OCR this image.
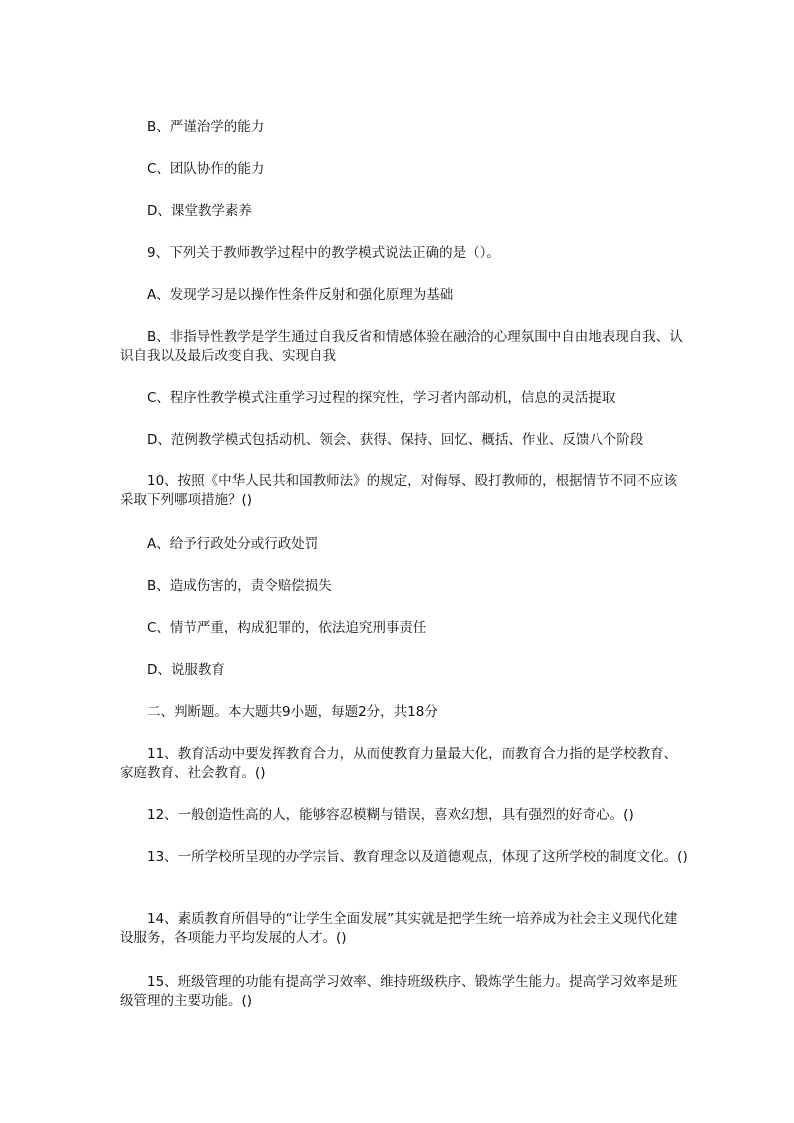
B、严谨治学的能力

C、团队协作的能力

D、课堂教学素养

9、下列关于教师教学过程中的教学模式说法正确的是（）。

A、发现学习是以操作性条件反射和强化原理为基础

B、非指导性教学是学生通过自我反省和情感体验在融洽的心理氛围中自由地表现自我、认识自我以及最后改变自我、实现自我

C、程序性教学模式注重学习过程的探究性，学习者内部动机，信息的灵活提取

D、范例教学模式包括动机、领会、获得、保持、回忆、概括、作业、反馈八个阶段

10、按照《中华人民共和国教师法》的规定，对侮辱、殴打教师的，根据情节不同不应该采取下列哪项措施？()

A、给予行政处分或行政处罚

B、造成伤害的，责令赔偿损失

C、情节严重，构成犯罪的，依法追究刑事责任

D、说服教育

二、判断题。本大题共9小题，每题2分，共18分

11、教育活动中要发挥教育合力，从而使教育力量最大化，而教育合力指的是学校教育、家庭教育、社会教育。()

12、一般创造性高的人，能够容忍模糊与错误，喜欢幻想，具有强烈的好奇心。()

13、一所学校所呈现的办学宗旨、教育理念以及道德观点，体现了这所学校的制度文化。()

14、素质教育所倡导的“让学生全面发展”其实就是把学生统一培养成为社会主义现代化建设服务，各项能力平均发展的人才。()

15、班级管理的功能有提高学习效率、维持班级秩序、锻炼学生能力。提高学习效率是班级管理的主要功能。()
